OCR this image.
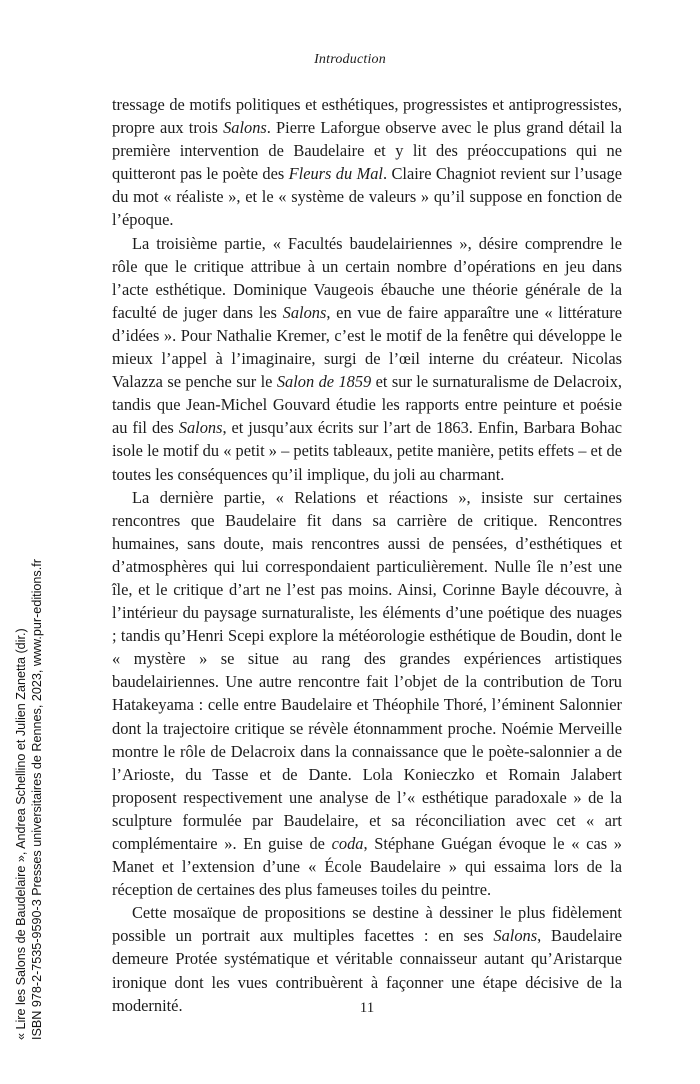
Introduction

tressage de motifs politiques et esthétiques, progressistes et antiprogressistes, propre aux trois Salons. Pierre Laforgue observe avec le plus grand détail la première intervention de Baudelaire et y lit des préoccupations qui ne quitteront pas le poète des Fleurs du Mal. Claire Chagniot revient sur l’usage du mot « réaliste », et le « système de valeurs » qu’il suppose en fonction de l’époque.

La troisième partie, « Facultés baudelairiennes », désire comprendre le rôle que le critique attribue à un certain nombre d’opérations en jeu dans l’acte esthétique. Dominique Vaugeois ébauche une théorie générale de la faculté de juger dans les Salons, en vue de faire apparaître une « littérature d’idées ». Pour Nathalie Kremer, c’est le motif de la fenêtre qui développe le mieux l’appel à l’imaginaire, surgi de l’œil interne du créateur. Nicolas Valazza se penche sur le Salon de 1859 et sur le surnaturalisme de Delacroix, tandis que Jean-Michel Gouvard étudie les rapports entre peinture et poésie au fil des Salons, et jusqu’aux écrits sur l’art de 1863. Enfin, Barbara Bohac isole le motif du « petit » – petits tableaux, petite manière, petits effets – et de toutes les conséquences qu’il implique, du joli au charmant.

La dernière partie, « Relations et réactions », insiste sur certaines rencontres que Baudelaire fit dans sa carrière de critique. Rencontres humaines, sans doute, mais rencontres aussi de pensées, d’esthétiques et d’atmosphères qui lui correspondaient particulièrement. Nulle île n’est une île, et le critique d’art ne l’est pas moins. Ainsi, Corinne Bayle découvre, à l’intérieur du paysage surnaturaliste, les éléments d’une poétique des nuages ; tandis qu’Henri Scepi explore la météorologie esthétique de Boudin, dont le « mystère » se situe au rang des grandes expériences artistiques baudelairiennes. Une autre rencontre fait l’objet de la contribution de Toru Hatakeyama : celle entre Baudelaire et Théophile Thoré, l’éminent Salonnier dont la trajectoire critique se révèle étonnamment proche. Noémie Merveille montre le rôle de Delacroix dans la connaissance que le poète-salonnier a de l’Arioste, du Tasse et de Dante. Lola Konieczko et Romain Jalabert proposent respectivement une analyse de l’« esthétique paradoxale » de la sculpture formulée par Baudelaire, et sa réconciliation avec cet « art complémentaire ». En guise de coda, Stéphane Guégan évoque le « cas » Manet et l’extension d’une « École Baudelaire » qui essaima lors de la réception de certaines des plus fameuses toiles du peintre.

Cette mosaïque de propositions se destine à dessiner le plus fidèlement possible un portrait aux multiples facettes : en ses Salons, Baudelaire demeure Protée systématique et véritable connaisseur autant qu’Aristarque ironique dont les vues contribuèrent à façonner une étape décisive de la modernité.	11
« Lire les Salons de Baudelaire », Andrea Schellino et Julien Zanetta (dir.) ISBN 978-2-7535-9590-3 Presses universitaires de Rennes, 2023, www.pur-editions.fr
